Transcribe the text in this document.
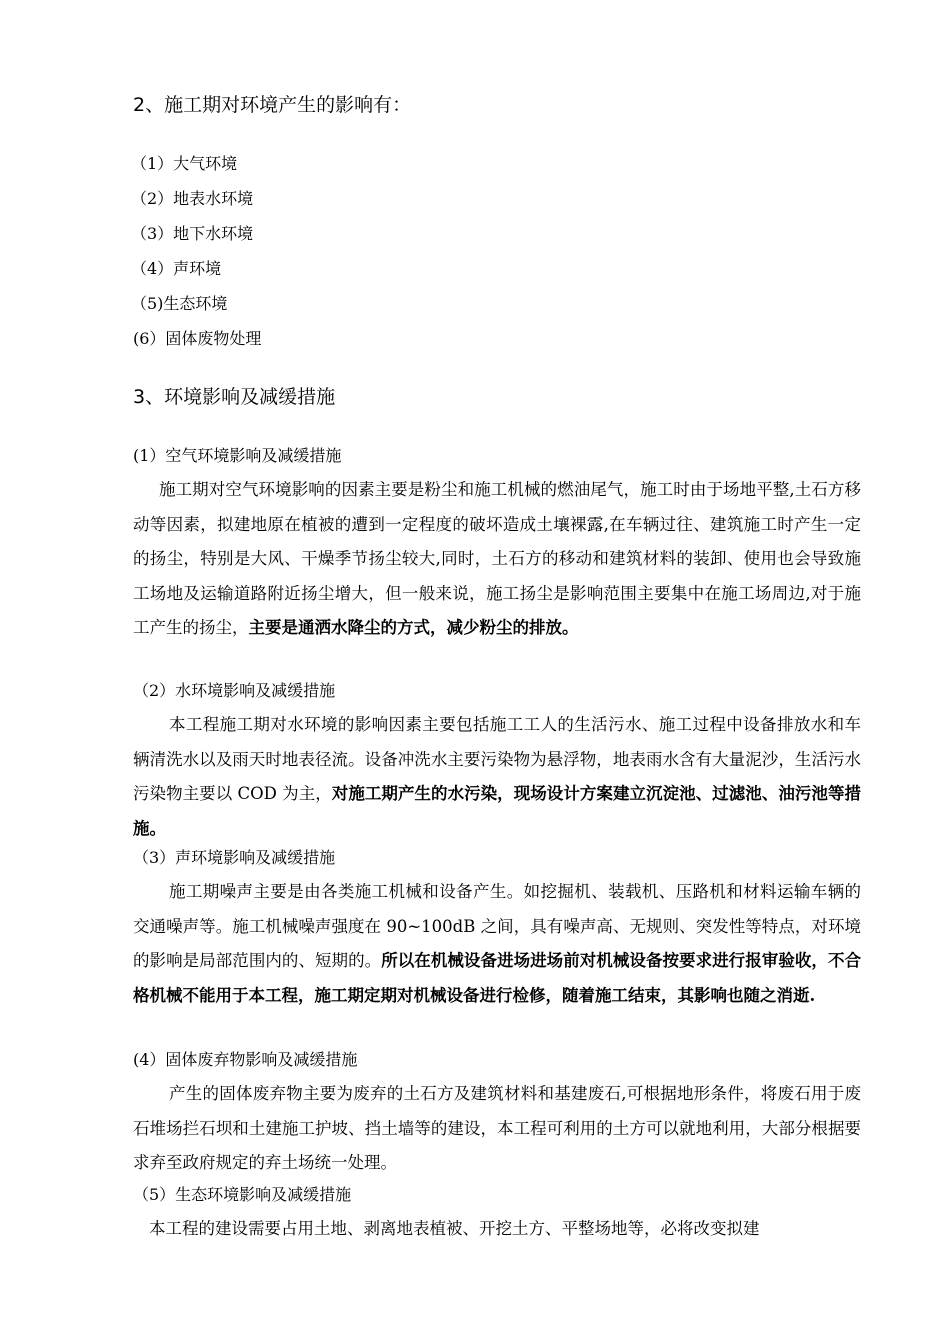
2、施工期对环境产生的影响有：
（1）大气环境
（2）地表水环境
（3）地下水环境
（4）声环境
（5)生态环境
(6）固体废物处理
3、环境影响及减缓措施
(1）空气环境影响及减缓措施
施工期对空气环境影响的因素主要是粉尘和施工机械的燃油尾气，施工时由于场地平整,土石方移动等因素，拟建地原在植被的遭到一定程度的破坏造成土壤裸露,在车辆过往、建筑施工时产生一定的扬尘，特别是大风、干燥季节扬尘较大,同时，土石方的移动和建筑材料的装卸、使用也会导致施工场地及运输道路附近扬尘增大，但一般来说，施工扬尘是影响范围主要集中在施工场周边,对于施工产生的扬尘，主要是通洒水降尘的方式，减少粉尘的排放。
（2）水环境影响及减缓措施
本工程施工期对水环境的影响因素主要包括施工工人的生活污水、施工过程中设备排放水和车辆清洗水以及雨天时地表径流。设备冲洗水主要污染物为悬浮物，地表雨水含有大量泥沙，生活污水污染物主要以 COD 为主，对施工期产生的水污染，现场设计方案建立沉淀池、过滤池、油污池等措施。
（3）声环境影响及减缓措施
施工期噪声主要是由各类施工机械和设备产生。如挖掘机、装载机、压路机和材料运输车辆的交通噪声等。施工机械噪声强度在 90~100dB 之间，具有噪声高、无规则、突发性等特点，对环境的影响是局部范围内的、短期的。所以在机械设备进场进场前对机械设备按要求进行报审验收，不合格机械不能用于本工程，施工期定期对机械设备进行检修，随着施工结束，其影响也随之消逝.
(4）固体废弃物影响及减缓措施
产生的固体废弃物主要为废弃的土石方及建筑材料和基建废石,可根据地形条件，将废石用于废石堆场拦石坝和土建施工护坡、挡土墙等的建设，本工程可利用的土方可以就地利用，大部分根据要求弃至政府规定的弃土场统一处理。
（5）生态环境影响及减缓措施
本工程的建设需要占用土地、剥离地表植被、开挖土方、平整场地等，必将改变拟建
